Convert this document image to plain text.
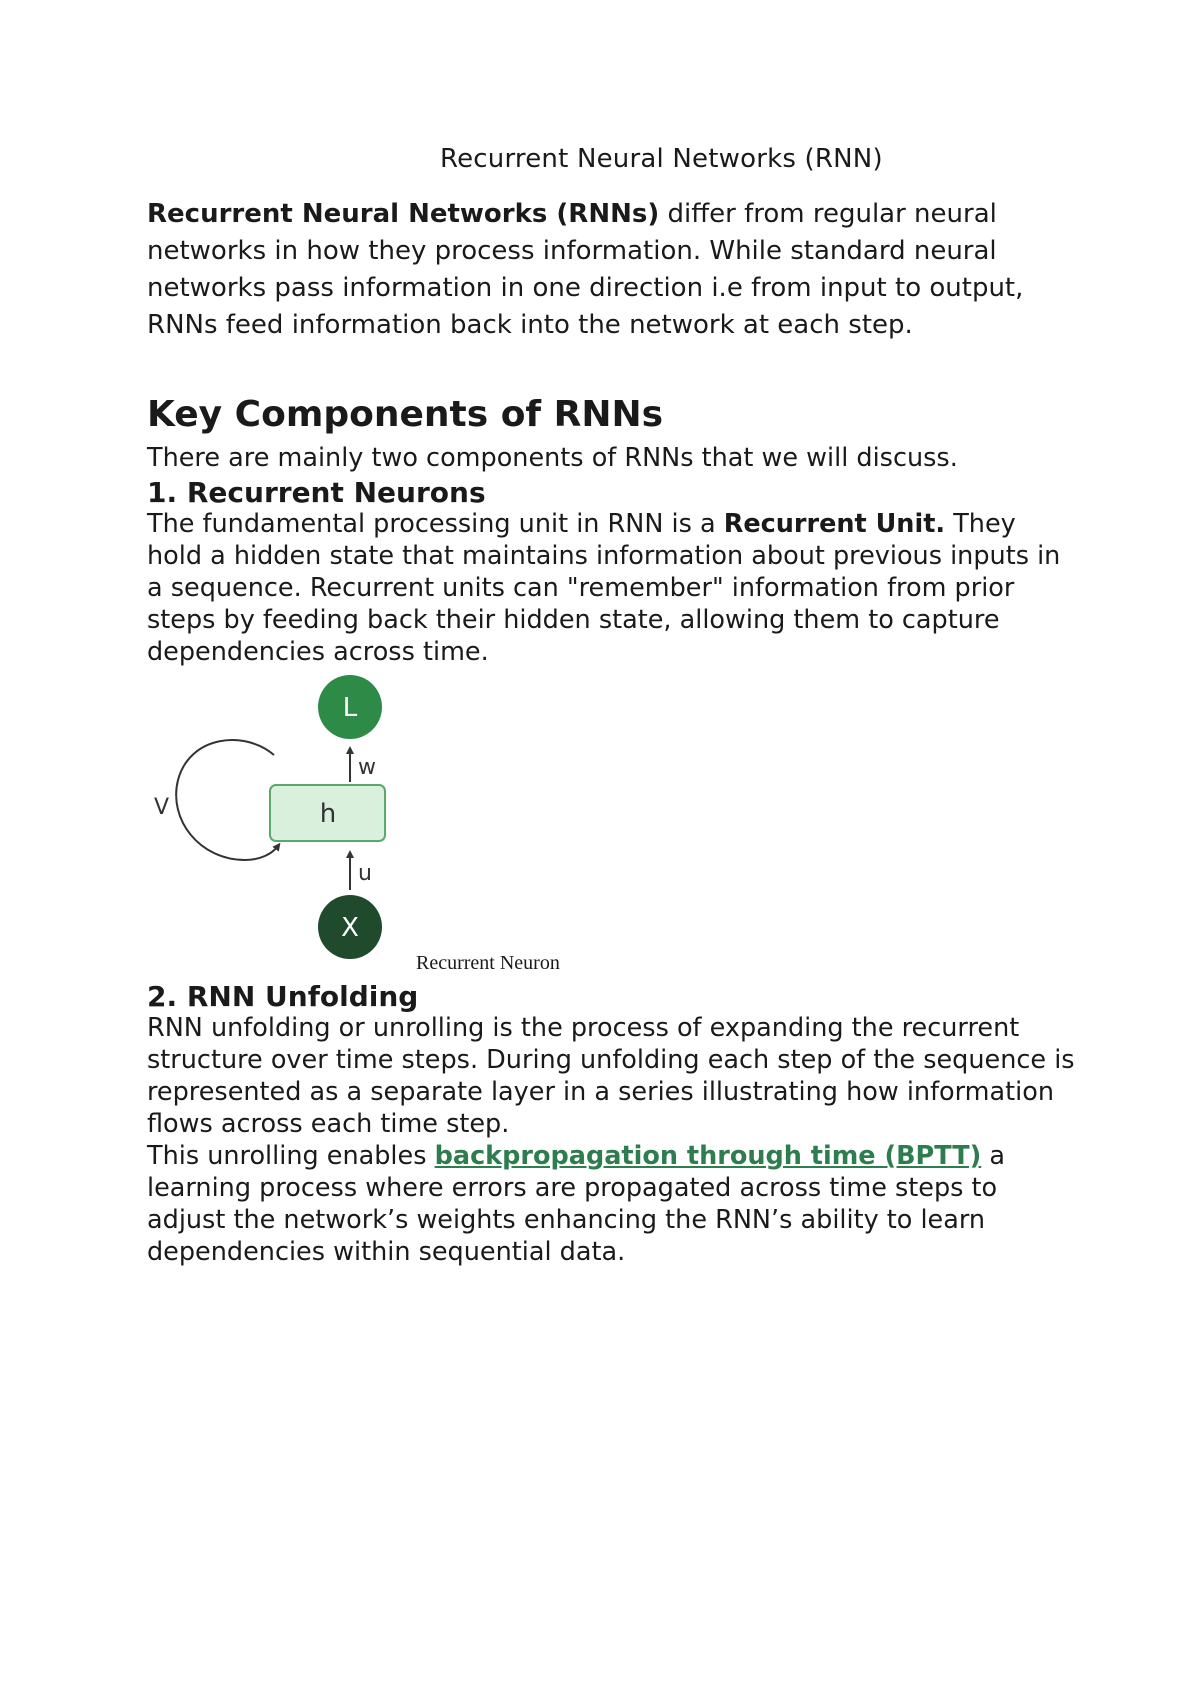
Recurrent Neural Networks (RNN)
Recurrent Neural Networks (RNNs) differ from regular neural networks in how they process information. While standard neural networks pass information in one direction i.e from input to output, RNNs feed information back into the network at each step.
Key Components of RNNs
There are mainly two components of RNNs that we will discuss.
1. Recurrent Neurons
The fundamental processing unit in RNN is a Recurrent Unit. They hold a hidden state that maintains information about previous inputs in a sequence. Recurrent units can "remember" information from prior steps by feeding back their hidden state, allowing them to capture dependencies across time.
V	h
L
w
u
X
Recurrent Neuron
2. RNN Unfolding
RNN unfolding or unrolling is the process of expanding the recurrent structure over time steps. During unfolding each step of the sequence is represented as a separate layer in a series illustrating how information flows across each time step.
This unrolling enables backpropagation through time (BPTT) a learning process where errors are propagated across time steps to adjust the network’s weights enhancing the RNN’s ability to learn dependencies within sequential data.
